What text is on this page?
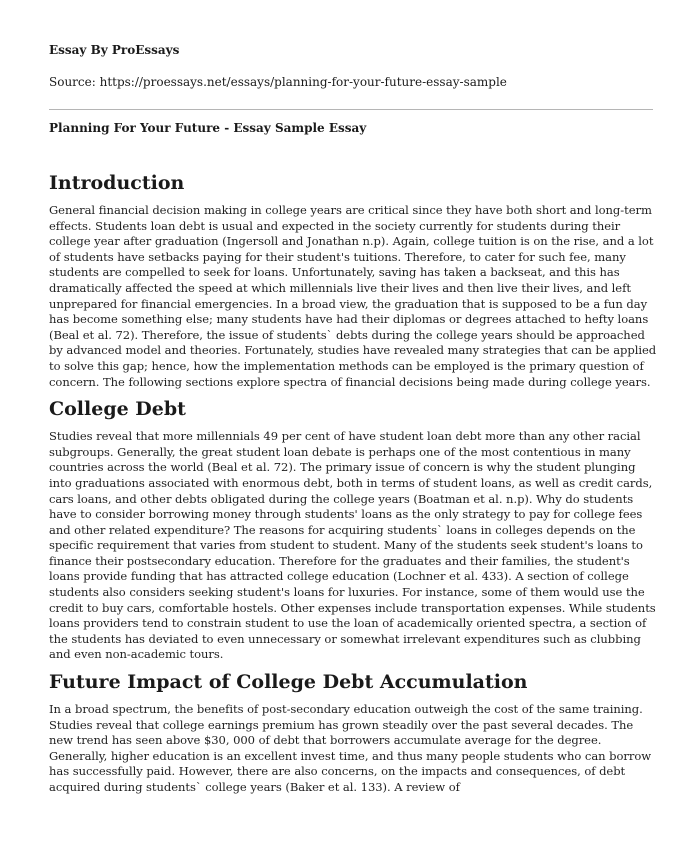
Essay By ProEssays

Source: https://proessays.net/essays/planning-for-your-future-essay-sample

Planning For Your Future - Essay Sample Essay

Introduction

General financial decision making in college years are critical since they have both short and long-term effects. Students loan debt is usual and expected in the society currently for students during their college year after graduation (Ingersoll and Jonathan n.p). Again, college tuition is on the rise, and a lot of students have setbacks paying for their student's tuitions. Therefore, to cater for such fee, many students are compelled to seek for loans. Unfortunately, saving has taken a backseat, and this has dramatically affected the speed at which millennials live their lives and then live their lives, and left unprepared for financial emergencies. In a broad view, the graduation that is supposed to be a fun day has become something else; many students have had their diplomas or degrees attached to hefty loans (Beal et al. 72). Therefore, the issue of students` debts during the college years should be approached by advanced model and theories. Fortunately, studies have revealed many strategies that can be applied to solve this gap; hence, how the implementation methods can be employed is the primary question of concern. The following sections explore spectra of financial decisions being made during college years.

College Debt

Studies reveal that more millennials 49 per cent of have student loan debt more than any other racial subgroups. Generally, the great student loan debate is perhaps one of the most contentious in many countries across the world (Beal et al. 72). The primary issue of concern is why the student plunging into graduations associated with enormous debt, both in terms of student loans, as well as credit cards, cars loans, and other debts obligated during the college years (Boatman et al. n.p). Why do students have to consider borrowing money through students' loans as the only strategy to pay for college fees and other related expenditure? The reasons for acquiring students` loans in colleges depends on the specific requirement that varies from student to student. Many of the students seek student's loans to finance their postsecondary education. Therefore for the graduates and their families, the student's loans provide funding that has attracted college education (Lochner et al. 433). A section of college students also considers seeking student's loans for luxuries. For instance, some of them would use the credit to buy cars, comfortable hostels. Other expenses include transportation expenses. While students loans providers tend to constrain student to use the loan of academically oriented spectra, a section of the students has deviated to even unnecessary or somewhat irrelevant expenditures such as clubbing and even non-academic tours.

Future Impact of College Debt Accumulation

In a broad spectrum, the benefits of post-secondary education outweigh the cost of the same training. Studies reveal that college earnings premium has grown steadily over the past several decades. The new trend has seen above $30, 000 of debt that borrowers accumulate average for the degree. Generally, higher education is an excellent invest time, and thus many people students who can borrow has successfully paid. However, there are also concerns, on the impacts and consequences, of debt acquired during students` college years (Baker et al. 133). A review of
